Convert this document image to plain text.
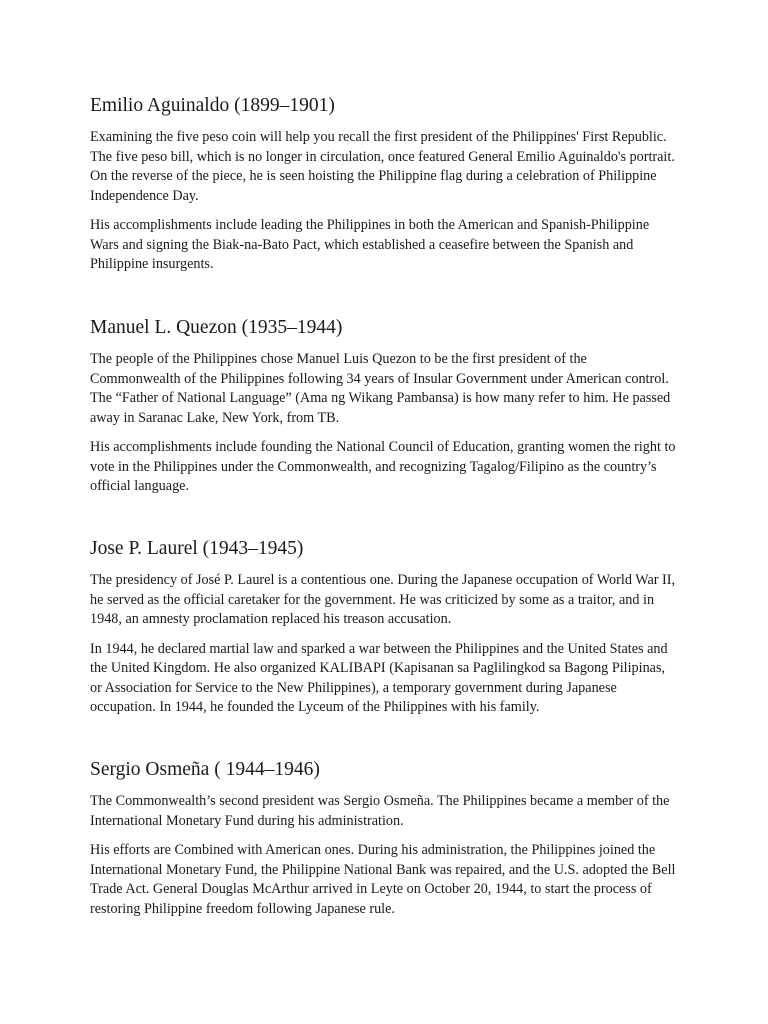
Emilio Aguinaldo (1899–1901)

Examining the five peso coin will help you recall the first president of the Philippines' First Republic. The five peso bill, which is no longer in circulation, once featured General Emilio Aguinaldo's portrait. On the reverse of the piece, he is seen hoisting the Philippine flag during a celebration of Philippine Independence Day.

His accomplishments include leading the Philippines in both the American and Spanish-Philippine Wars and signing the Biak-na-Bato Pact, which established a ceasefire between the Spanish and Philippine insurgents.

Manuel L. Quezon (1935–1944)

The people of the Philippines chose Manuel Luis Quezon to be the first president of the Commonwealth of the Philippines following 34 years of Insular Government under American control. The “Father of National Language” (Ama ng Wikang Pambansa) is how many refer to him. He passed away in Saranac Lake, New York, from TB.

His accomplishments include founding the National Council of Education, granting women the right to vote in the Philippines under the Commonwealth, and recognizing Tagalog/Filipino as the country’s official language.

Jose P. Laurel (1943–1945)

The presidency of José P. Laurel is a contentious one. During the Japanese occupation of World War II, he served as the official caretaker for the government. He was criticized by some as a traitor, and in 1948, an amnesty proclamation replaced his treason accusation.

In 1944, he declared martial law and sparked a war between the Philippines and the United States and the United Kingdom. He also organized KALIBAPI (Kapisanan sa Paglilingkod sa Bagong Pilipinas, or Association for Service to the New Philippines), a temporary government during Japanese occupation. In 1944, he founded the Lyceum of the Philippines with his family.

Sergio Osmeña ( 1944–1946)

The Commonwealth’s second president was Sergio Osmeña. The Philippines became a member of the International Monetary Fund during his administration.

His efforts are Combined with American ones. During his administration, the Philippines joined the International Monetary Fund, the Philippine National Bank was repaired, and the U.S. adopted the Bell Trade Act. General Douglas McArthur arrived in Leyte on October 20, 1944, to start the process of restoring Philippine freedom following Japanese rule.
